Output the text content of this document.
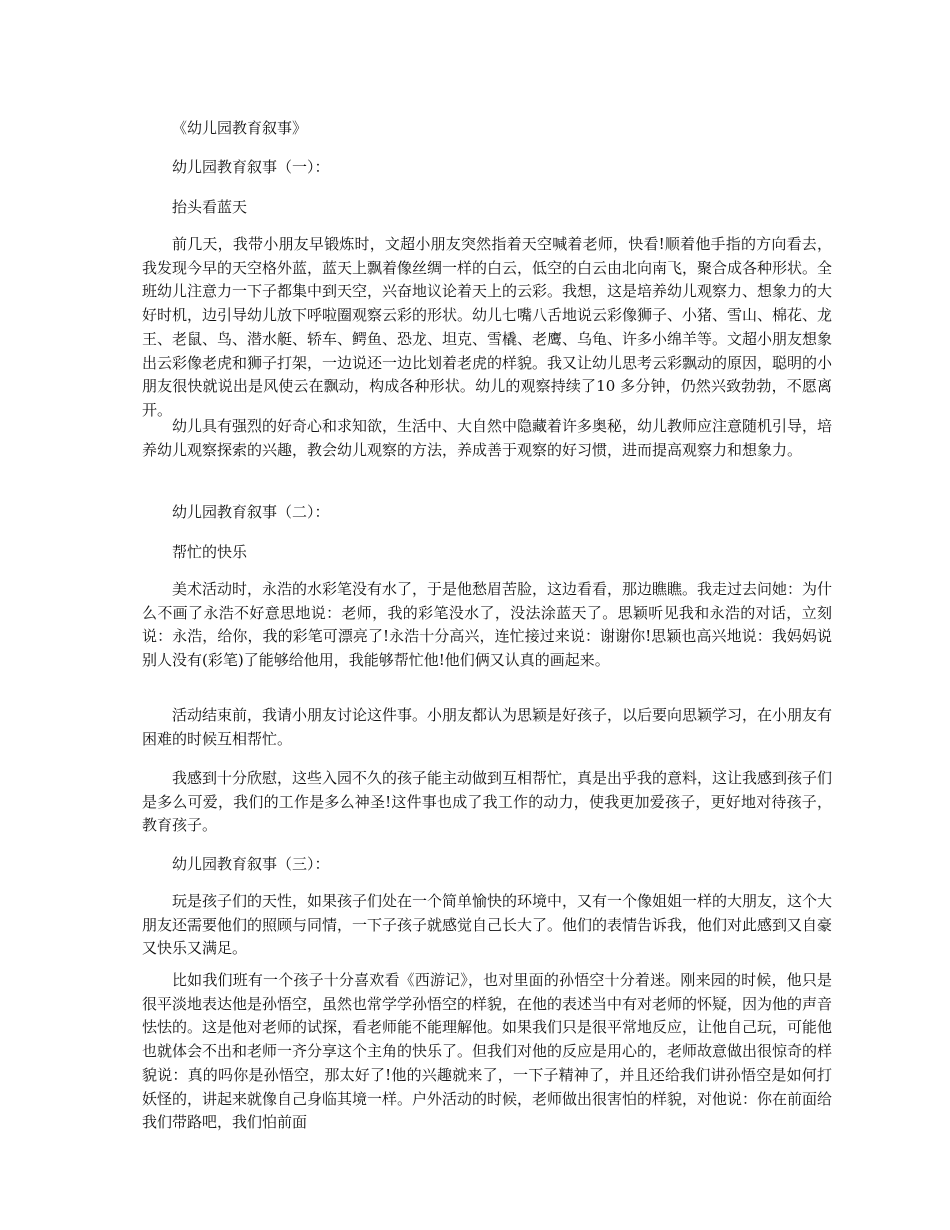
《幼儿园教育叙事》
幼儿园教育叙事（一）：
抬头看蓝天

前几天，我带小朋友早锻炼时，文超小朋友突然指着天空喊着老师，快看!顺着他手指的方向看去，我发现今早的天空格外蓝，蓝天上飘着像丝绸一样的白云，低空的白云由北向南飞，聚合成各种形状。全班幼儿注意力一下子都集中到天空，兴奋地议论着天上的云彩。我想，这是培养幼儿观察力、想象力的大好时机，边引导幼儿放下呼啦圈观察云彩的形状。幼儿七嘴八舌地说云彩像狮子、小猪、雪山、棉花、龙王、老鼠、鸟、潜水艇、轿车、鳄鱼、恐龙、坦克、雪橇、老鹰、乌龟、许多小绵羊等。文超小朋友想象出云彩像老虎和狮子打架，一边说还一边比划着老虎的样貌。我又让幼儿思考云彩飘动的原因，聪明的小朋友很快就说出是风使云在飘动，构成各种形状。幼儿的观察持续了10 多分钟，仍然兴致勃勃，不愿离开。

幼儿具有强烈的好奇心和求知欲，生活中、大自然中隐藏着许多奥秘，幼儿教师应注意随机引导，培养幼儿观察探索的兴趣，教会幼儿观察的方法，养成善于观察的好习惯，进而提高观察力和想象力。

幼儿园教育叙事（二）：
帮忙的快乐

美术活动时，永浩的水彩笔没有水了，于是他愁眉苦脸，这边看看，那边瞧瞧。我走过去问她：为什么不画了永浩不好意思地说：老师，我的彩笔没水了，没法涂蓝天了。思颖听见我和永浩的对话，立刻说：永浩，给你，我的彩笔可漂亮了!永浩十分高兴，连忙接过来说：谢谢你!思颖也高兴地说：我妈妈说别人没有(彩笔)了能够给他用，我能够帮忙他!他们俩又认真的画起来。

活动结束前，我请小朋友讨论这件事。小朋友都认为思颖是好孩子，以后要向思颖学习，在小朋友有困难的时候互相帮忙。

我感到十分欣慰，这些入园不久的孩子能主动做到互相帮忙，真是出乎我的意料，这让我感到孩子们是多么可爱，我们的工作是多么神圣!这件事也成了我工作的动力，使我更加爱孩子，更好地对待孩子，教育孩子。

幼儿园教育叙事（三）：

玩是孩子们的天性，如果孩子们处在一个简单愉快的环境中，又有一个像姐姐一样的大朋友，这个大朋友还需要他们的照顾与同情，一下子孩子就感觉自己长大了。他们的表情告诉我，他们对此感到又自豪又快乐又满足。

比如我们班有一个孩子十分喜欢看《西游记》，也对里面的孙悟空十分着迷。刚来园的时候，他只是很平淡地表达他是孙悟空，虽然也常学学孙悟空的样貌，在他的表述当中有对老师的怀疑，因为他的声音怯怯的。这是他对老师的试探，看老师能不能理解他。如果我们只是很平常地反应，让他自己玩，可能他也就体会不出和老师一齐分享这个主角的快乐了。但我们对他的反应是用心的，老师故意做出很惊奇的样貌说：真的吗你是孙悟空，那太好了!他的兴趣就来了，一下子精神了，并且还给我们讲孙悟空是如何打妖怪的，讲起来就像自己身临其境一样。户外活动的时候，老师做出很害怕的样貌，对他说：你在前面给我们带路吧，我们怕前面
